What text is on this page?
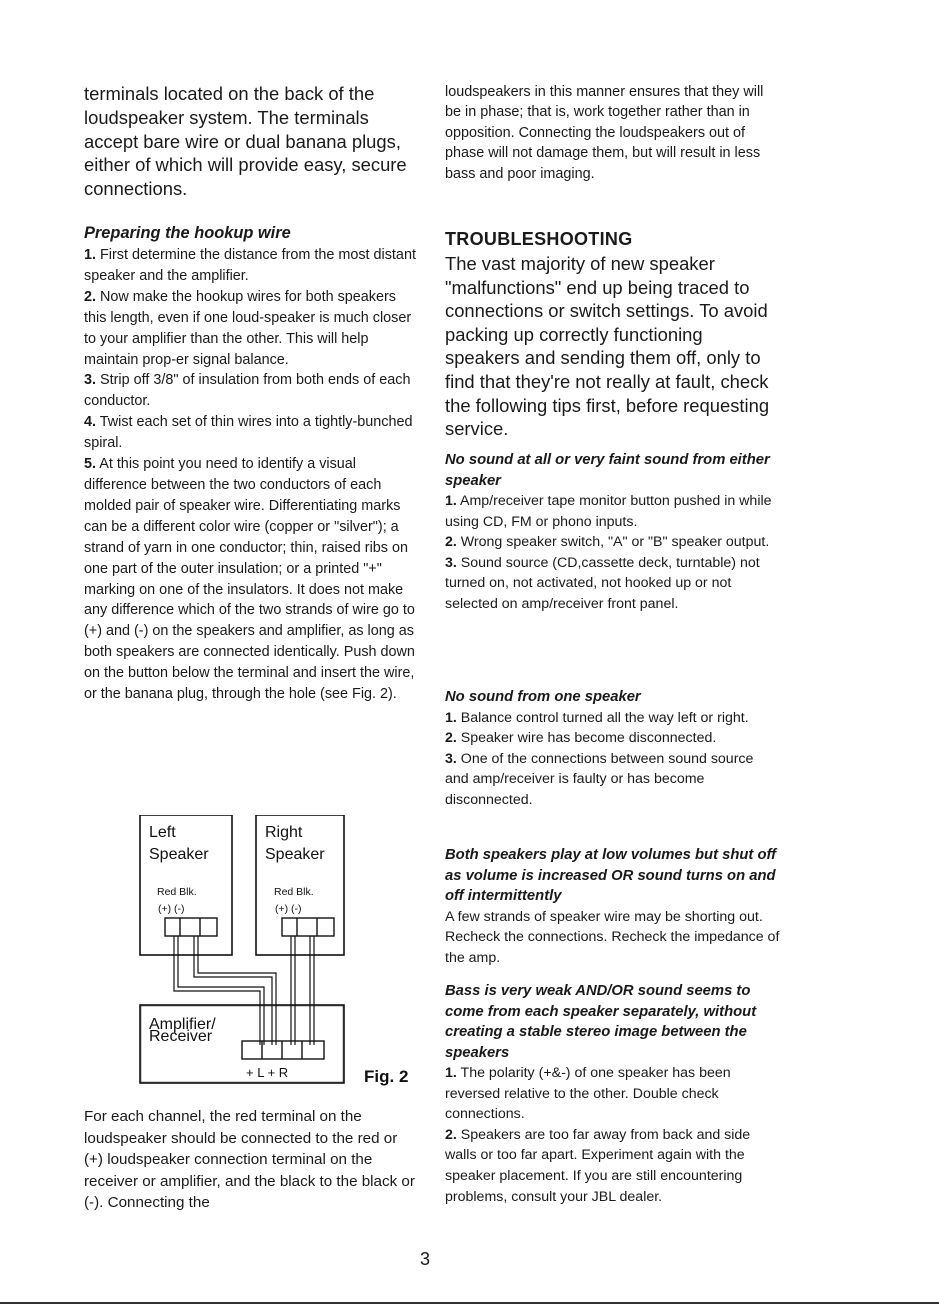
terminals located on the back of the loudspeaker system. The terminals accept bare wire or dual banana plugs, either of which will provide easy, secure connections.

Preparing the hookup wire

1. First determine the distance from the most distant speaker and the amplifier.

2. Now make the hookup wires for both speakers this length, even if one loud-speaker is much closer to your amplifier than the other. This will help maintain prop-er signal balance.

3. Strip off 3/8" of insulation from both ends of each conductor.

4. Twist each set of thin wires into a tightly-bunched spiral.

5. At this point you need to identify a visual difference between the two conductors of each molded pair of speaker wire. Differentiating marks can be a different color wire (copper or "silver"); a strand of yarn in one conductor; thin, raised ribs on one part of the outer insulation; or a printed "+" marking on one of the insulators. It does not make any difference which of the two strands of wire go to (+) and (-) on the speakers and amplifier, as long as both speakers are connected identically. Push down on the button below the terminal and insert the wire, or the banana plug, through the hole (see Fig. 2).

For each channel, the red terminal on the loudspeaker should be connected to the red or (+) loudspeaker connection terminal on the receiver or amplifier, and the black to the black or (-). Connecting the

Left
Speaker
Red Blk.
(+) (-)
Right
Speaker
Red Blk.
(+) (-)
Amplifier/
Receiver
+ L + R	Fig. 2

loudspeakers in this manner ensures that they will be in phase; that is, work together rather than in opposition. Connecting the loudspeakers out of phase will not damage them, but will result in less bass and poor imaging.

TROUBLESHOOTING

The vast majority of new speaker "malfunctions" end up being traced to connections or switch settings. To avoid packing up correctly functioning speakers and sending them off, only to find that they're not really at fault, check the following tips first, before requesting service.

No sound at all or very faint sound from either speaker

1. Amp/receiver tape monitor button pushed in while using CD, FM or phono inputs.

2. Wrong speaker switch, "A" or "B" speaker output.

3. Sound source (CD,cassette deck, turntable) not turned on, not activated, not hooked up or not selected on amp/receiver front panel.

No sound from one speaker

1. Balance control turned all the way left or right.

2. Speaker wire has become disconnected.

3. One of the connections between sound source and amp/receiver is faulty or has become disconnected.

Both speakers play at low volumes but shut off as volume is increased OR sound turns on and off intermittently

A few strands of speaker wire may be shorting out. Recheck the connections. Recheck the impedance of the amp.

Bass is very weak AND/OR sound seems to come from each speaker separately, without creating a stable stereo image between the speakers

1. The polarity (+&-) of one speaker has been reversed relative to the other. Double check connections.

2. Speakers are too far away from back and side walls or too far apart. Experiment again with the speaker placement. If you are still encountering problems, consult your JBL dealer.

3
